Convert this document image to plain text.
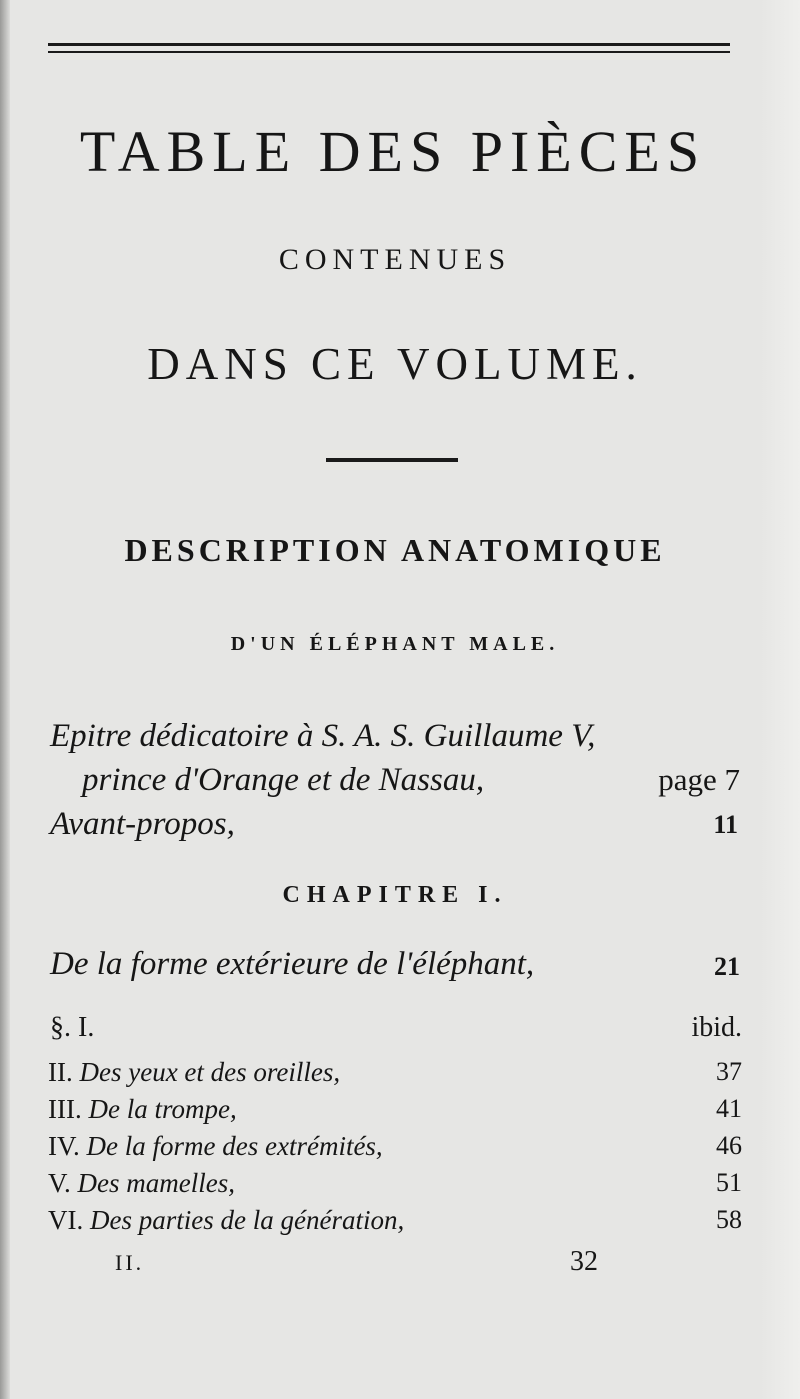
TABLE DES PIÈCES
CONTENUES
DANS CE VOLUME.
DESCRIPTION ANATOMIQUE
D'UN ÉLÉPHANT MALE.
Epitre dédicatoire à S. A. S. Guillaume V,
prince d'Orange et de Nassau,	page 7
Avant-propos,	11
CHAPITRE I.
De la forme extérieure de l'éléphant,	21
§. I.	ibid.
II. Des yeux et des oreilles,	37
III. De la trompe,	41
IV. De la forme des extrémités,	46
V. Des mamelles,	51
VI. Des parties de la génération,	58
II.	32
